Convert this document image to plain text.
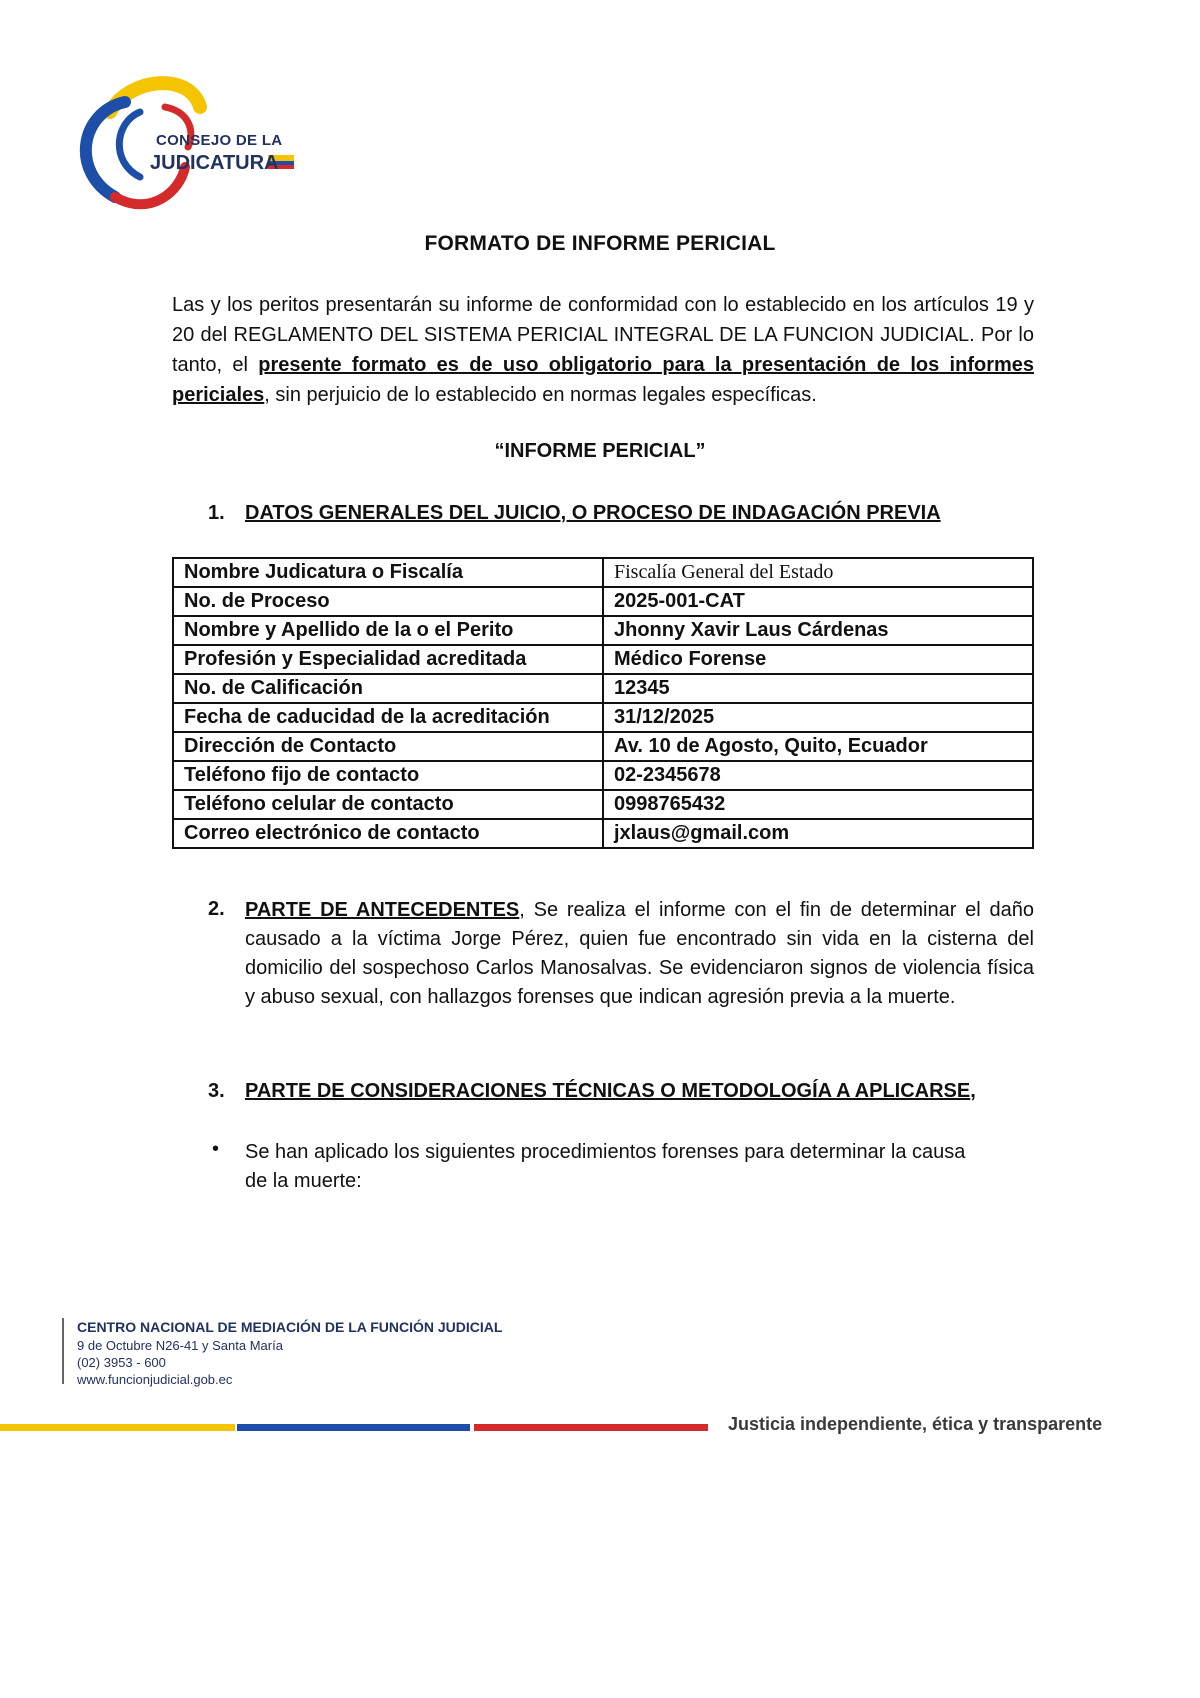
CONSEJO DE LA
JUDICATURA
FORMATO DE INFORME PERICIAL
Las y los peritos presentarán su informe de conformidad con lo establecido en los artículos 19 y 20 del REGLAMENTO DEL SISTEMA PERICIAL INTEGRAL DE LA FUNCION JUDICIAL. Por lo tanto, el presente formato es de uso obligatorio para la presentación de los informes periciales, sin perjuicio de lo establecido en normas legales específicas.
“INFORME PERICIAL”
1. DATOS GENERALES DEL JUICIO, O PROCESO DE INDAGACIÓN PREVIA
Nombre Judicatura o Fiscalía	Fiscalía General del Estado
No. de Proceso	2025-001-CAT
Nombre y Apellido de la o el Perito	Jhonny Xavir Laus Cárdenas
Profesión y Especialidad acreditada	Médico Forense
No. de Calificación	12345
Fecha de caducidad de la acreditación	31/12/2025
Dirección de Contacto	Av. 10 de Agosto, Quito, Ecuador
Teléfono fijo de contacto	02-2345678
Teléfono celular de contacto	0998765432
Correo electrónico de contacto	jxlaus@gmail.com
2. PARTE DE ANTECEDENTES, Se realiza el informe con el fin de determinar el daño causado a la víctima Jorge Pérez, quien fue encontrado sin vida en la cisterna del domicilio del sospechoso Carlos Manosalvas. Se evidenciaron signos de violencia física y abuso sexual, con hallazgos forenses que indican agresión previa a la muerte.
3. PARTE DE CONSIDERACIONES TÉCNICAS O METODOLOGÍA A APLICARSE,
• Se han aplicado los siguientes procedimientos forenses para determinar la causa de la muerte:
CENTRO NACIONAL DE MEDIACIÓN DE LA FUNCIÓN JUDICIAL
9 de Octubre N26-41 y Santa María
(02) 3953 - 600
www.funcionjudicial.gob.ec
Justicia independiente, ética y transparente
